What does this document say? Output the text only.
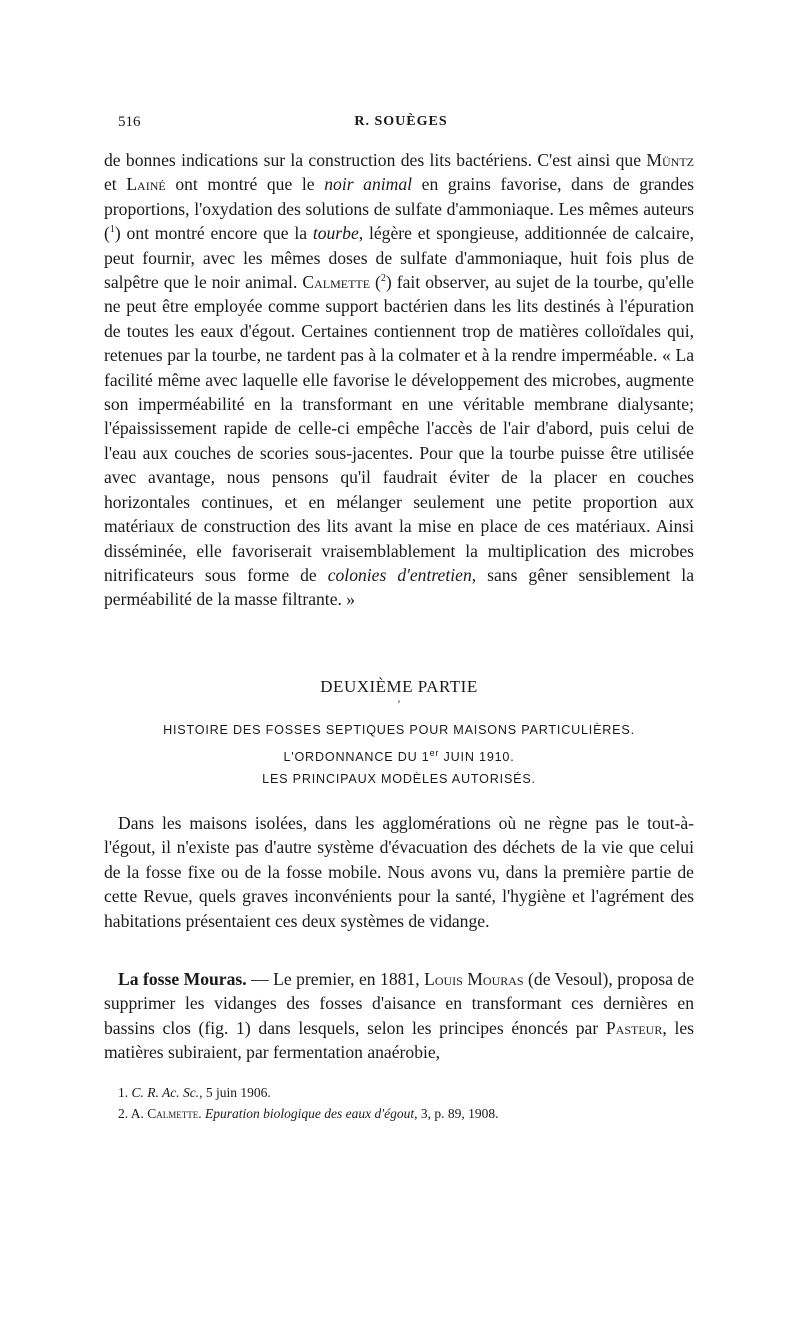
516	R. SOUÈGES

de bonnes indications sur la construction des lits bactériens. C'est ainsi que Müntz et Lainé ont montré que le noir animal en grains favorise, dans de grandes proportions, l'oxydation des solutions de sulfate d'ammoniaque. Les mêmes auteurs ($^1$) ont montré encore que la tourbe, légère et spongieuse, additionnée de calcaire, peut fournir, avec les mêmes doses de sulfate d'ammoniaque, huit fois plus de salpêtre que le noir animal. Calmette ($^2$) fait observer, au sujet de la tourbe, qu'elle ne peut être employée comme support bactérien dans les lits destinés à l'épuration de toutes les eaux d'égout. Certaines contiennent trop de matières colloïdales qui, retenues par la tourbe, ne tardent pas à la colmater et à la rendre imperméable. « La facilité même avec laquelle elle favorise le développement des microbes, augmente son imperméabilité en la transformant en une véritable membrane dialysante; l'épaississement rapide de celle-ci empêche l'accès de l'air d'abord, puis celui de l'eau aux couches de scories sous-jacentes. Pour que la tourbe puisse être utilisée avec avantage, nous pensons qu'il faudrait éviter de la placer en couches horizontales continues, et en mélanger seulement une petite proportion aux matériaux de construction des lits avant la mise en place de ces matériaux. Ainsi disséminée, elle favoriserait vraisemblablement la multiplication des microbes nitrificateurs sous forme de colonies d'entretien, sans gêner sensiblement la perméabilité de la masse filtrante. »

DEUXIÈME PARTIE
'
HISTOIRE DES FOSSES SEPTIQUES POUR MAISONS PARTICULIÈRES.
L'ORDONNANCE DU 1er JUIN 1910.
LES PRINCIPAUX MODÈLES AUTORISÉS.

Dans les maisons isolées, dans les agglomérations où ne règne pas le tout-à-l'égout, il n'existe pas d'autre système d'évacuation des déchets de la vie que celui de la fosse fixe ou de la fosse mobile. Nous avons vu, dans la première partie de cette Revue, quels graves inconvénients pour la santé, l'hygiène et l'agrément des habitations présentaient ces deux systèmes de vidange.

La fosse Mouras. — Le premier, en 1881, Louis Mouras (de Vesoul), proposa de supprimer les vidanges des fosses d'aisance en transformant ces dernières en bassins clos (fig. 1) dans lesquels, selon les principes énoncés par Pasteur, les matières subiraient, par fermentation anaérobie,

1. C. R. Ac. Sc., 5 juin 1906.

2. A. Calmette. Epuration biologique des eaux d'égout, 3, p. 89, 1908.
